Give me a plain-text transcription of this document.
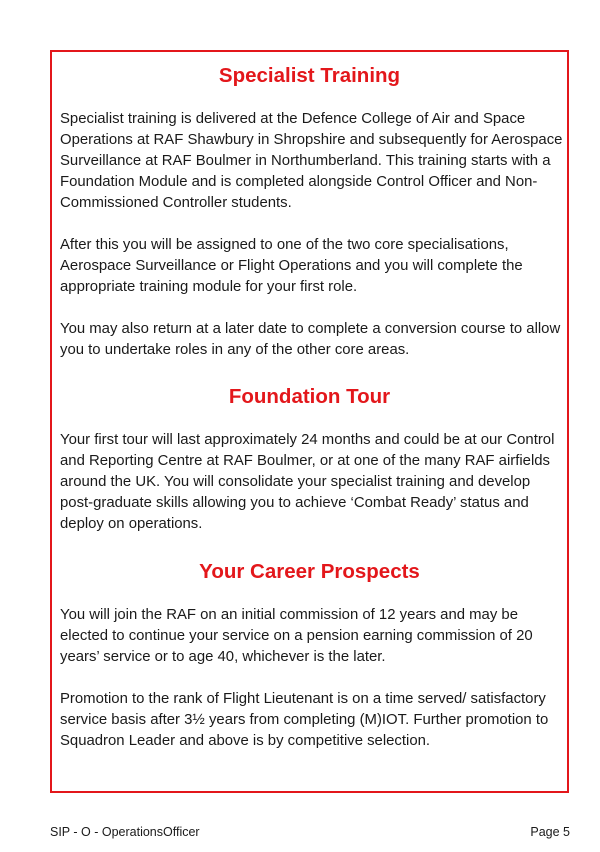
Specialist Training

Specialist training is delivered at the Defence College of Air and Space Operations at RAF Shawbury in Shropshire and subsequently for Aerospace Surveillance at RAF Boulmer in Northumberland. This training starts with a Foundation Module and is completed alongside Control Officer and Non-Commissioned Controller students.

After this you will be assigned to one of the two core specialisations, Aerospace Surveillance or Flight Operations and you will complete the appropriate training module for your first role.

You may also return at a later date to complete a conversion course to allow you to undertake roles in any of the other core areas.

Foundation Tour

Your first tour will last approximately 24 months and could be at our Control and Reporting Centre at RAF Boulmer, or at one of the many RAF airfields around the UK. You will consolidate your specialist training and develop post-graduate skills allowing you to achieve ‘Combat Ready’ status and deploy on operations.

Your Career Prospects

You will join the RAF on an initial commission of 12 years and may be elected to continue your service on a pension earning commission of 20 years’ service or to age 40, whichever is the later.

Promotion to the rank of Flight Lieutenant is on a time served/ satisfactory service basis after 3½ years from completing (M)IOT. Further promotion to Squadron Leader and above is by competitive selection.

SIP - O - OperationsOfficer	Page 5
